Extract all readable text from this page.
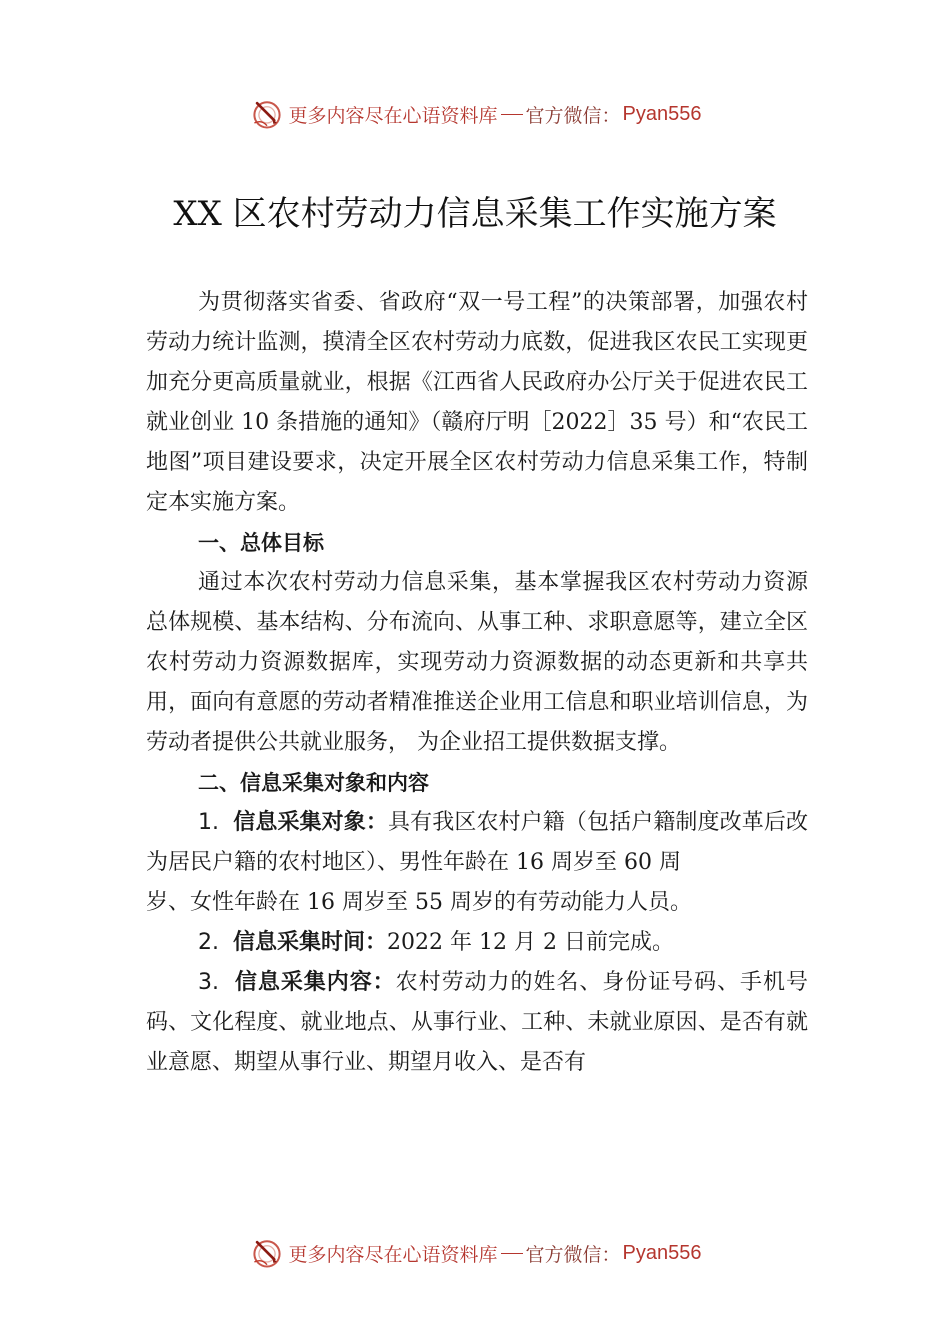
更多内容尽在心语资料库 官方微信： Pyan556
XX 区农村劳动力信息采集工作实施方案

为贯彻落实省委、省政府“双一号工程”的决策部署，加强农村劳动力统计监测，摸清全区农村劳动力底数，促进我区农民工实现更加充分更高质量就业，根据《江西省人民政府办公厅关于促进农民工就业创业 10 条措施的通知》（赣府厅明［2022］35 号）和“农民工地图”项目建设要求，决定开展全区农村劳动力信息采集工作，特制定本实施方案。

一、总体目标

通过本次农村劳动力信息采集，基本掌握我区农村劳动力资源总体规模、基本结构、分布流向、从事工种、求职意愿等，建立全区农村劳动力资源数据库，实现劳动力资源数据的动态更新和共享共用，面向有意愿的劳动者精准推送企业用工信息和职业培训信息，为劳动者提供公共就业服务， 为企业招工提供数据支撑。

二、信息采集对象和内容

1. 信息采集对象：具有我区农村户籍（包括户籍制度改革后改为居民户籍的农村地区）、男性年龄在 16 周岁至 60 周

岁、女性年龄在 16 周岁至 55 周岁的有劳动能力人员。

2. 信息采集时间：2022 年 12 月 2 日前完成。

3. 信息采集内容：农村劳动力的姓名、身份证号码、手机号码、文化程度、就业地点、从事行业、工种、未就业原因、是否有就业意愿、期望从事行业、期望月收入、是否有

更多内容尽在心语资料库 官方微信： Pyan556
